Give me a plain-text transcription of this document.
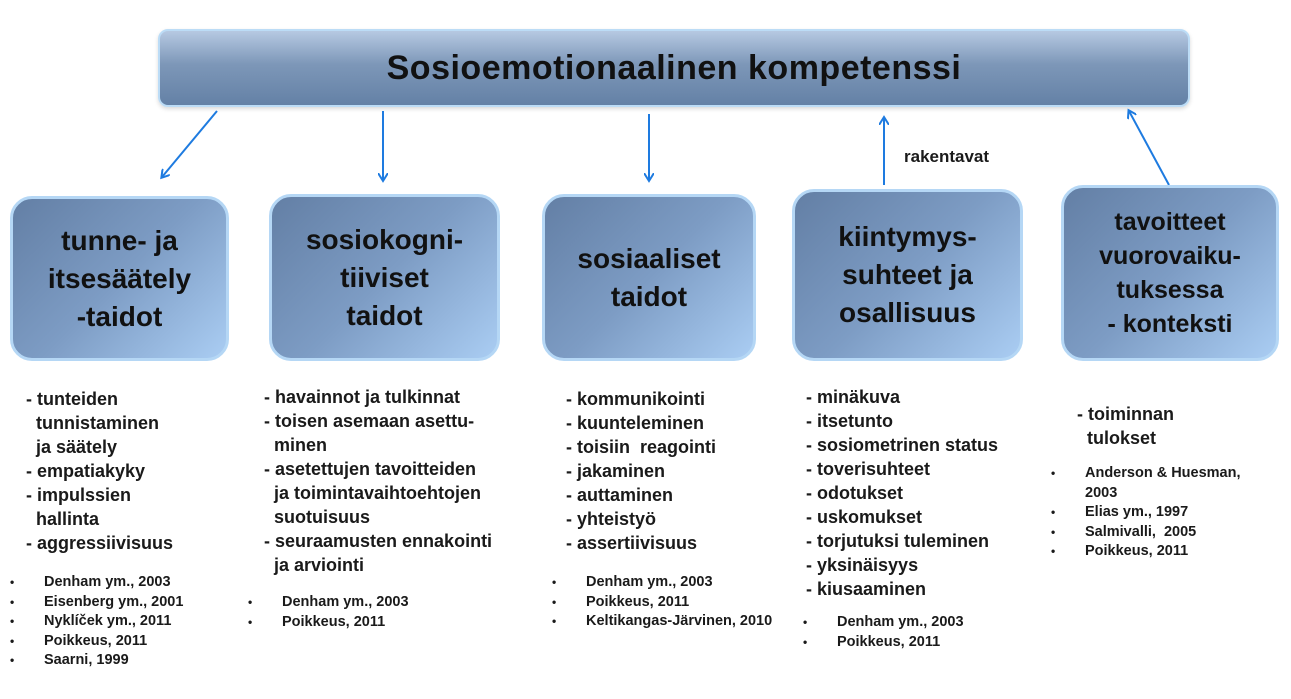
Sosioemotionaalinen kompetenssi
rakentavat
tunne- ja
itsesäätely
-taidot
sosiokogni-
tiiviset
taidot
sosiaaliset
taidot
kiintymys-
suhteet ja
osallisuus
tavoitteet
vuorovaiku-
tuksessa
- konteksti
- tunteiden
tunnistaminen
ja säätely
- empatiakyky
- impulssien
hallinta
- aggressiivisuus
• Denham ym., 2003
• Eisenberg ym., 2001
• Nyklíček ym., 2011
• Poikkeus, 2011
• Saarni, 1999
- havainnot ja tulkinnat
- toisen asemaan asettu-
minen
- asetettujen tavoitteiden
ja toimintavaihtoehtojen
suotuisuus
- seuraamusten ennakointi
ja arviointi
• Denham ym., 2003
• Poikkeus, 2011
- kommunikointi
- kuunteleminen
- toisiin  reagointi
- jakaminen
- auttaminen
- yhteistyö
- assertiivisuus
• Denham ym., 2003
• Poikkeus, 2011
• Keltikangas-Järvinen, 2010
- minäkuva
- itsetunto
- sosiometrinen status
- toverisuhteet
- odotukset
- uskomukset
- torjutuksi tuleminen
- yksinäisyys
- kiusaaminen
• Denham ym., 2003
• Poikkeus, 2011
- toiminnan
tulokset
• Anderson & Huesman,
2003
• Elias ym., 1997
• Salmivalli,  2005
• Poikkeus, 2011
